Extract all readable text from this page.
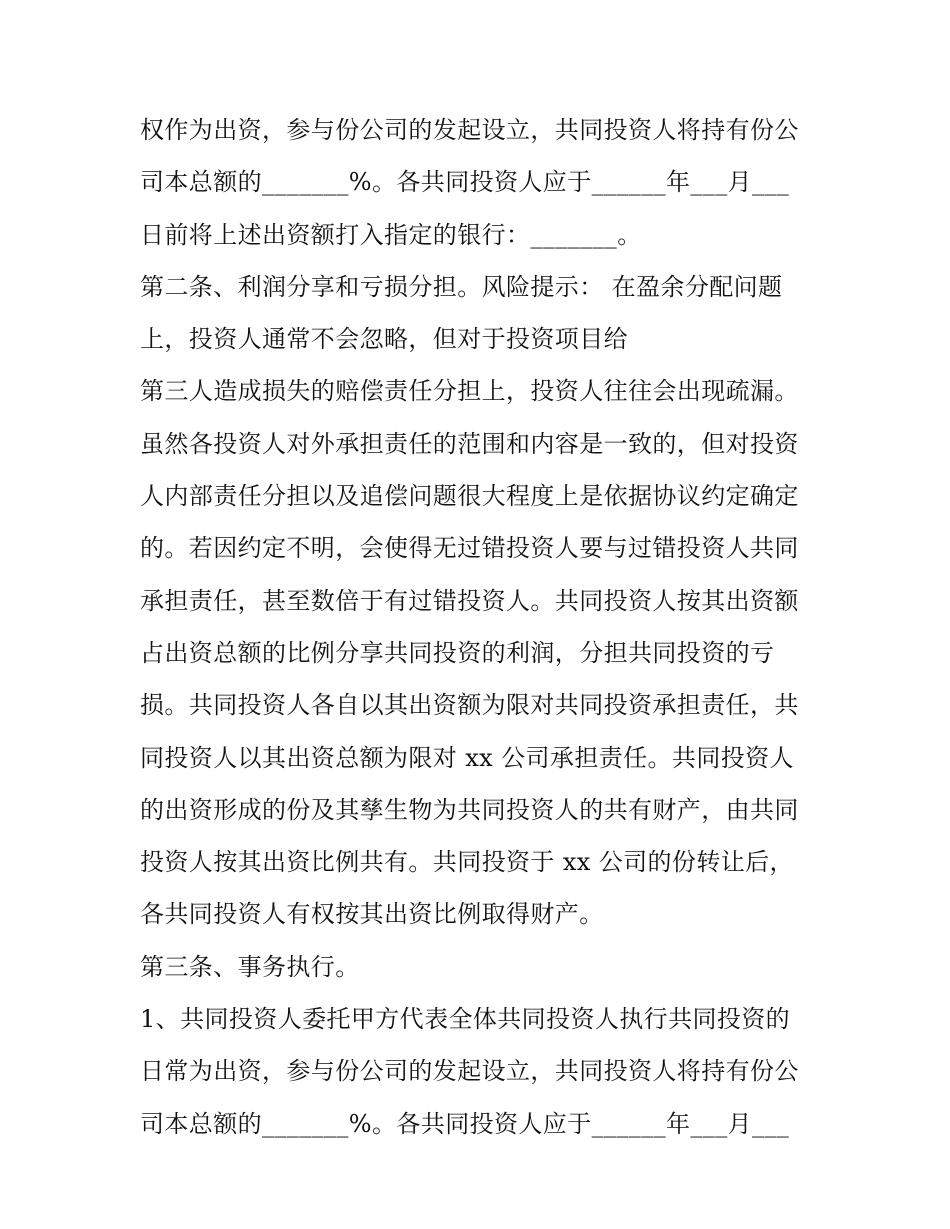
权作为出资，参与份公司的发起设立，共同投资人将持有份公
司本总额的_______%。各共同投资人应于______年___月___
日前将上述出资额打入指定的银行：_______。
第二条、利润分享和亏损分担。风险提示： 在盈余分配问题
上，投资人通常不会忽略，但对于投资项目给
第三人造成损失的赔偿责任分担上，投资人往往会出现疏漏。
虽然各投资人对外承担责任的范围和内容是一致的，但对投资
人内部责任分担以及追偿问题很大程度上是依据协议约定确定
的。若因约定不明，会使得无过错投资人要与过错投资人共同
承担责任，甚至数倍于有过错投资人。共同投资人按其出资额
占出资总额的比例分享共同投资的利润，分担共同投资的亏
损。共同投资人各自以其出资额为限对共同投资承担责任，共
同投资人以其出资总额为限对 xx 公司承担责任。共同投资人
的出资形成的份及其孳生物为共同投资人的共有财产，由共同
投资人按其出资比例共有。共同投资于 xx 公司的份转让后，
各共同投资人有权按其出资比例取得财产。
第三条、事务执行。
1、共同投资人委托甲方代表全体共同投资人执行共同投资的
日常为出资，参与份公司的发起设立，共同投资人将持有份公
司本总额的_______%。各共同投资人应于______年___月___
